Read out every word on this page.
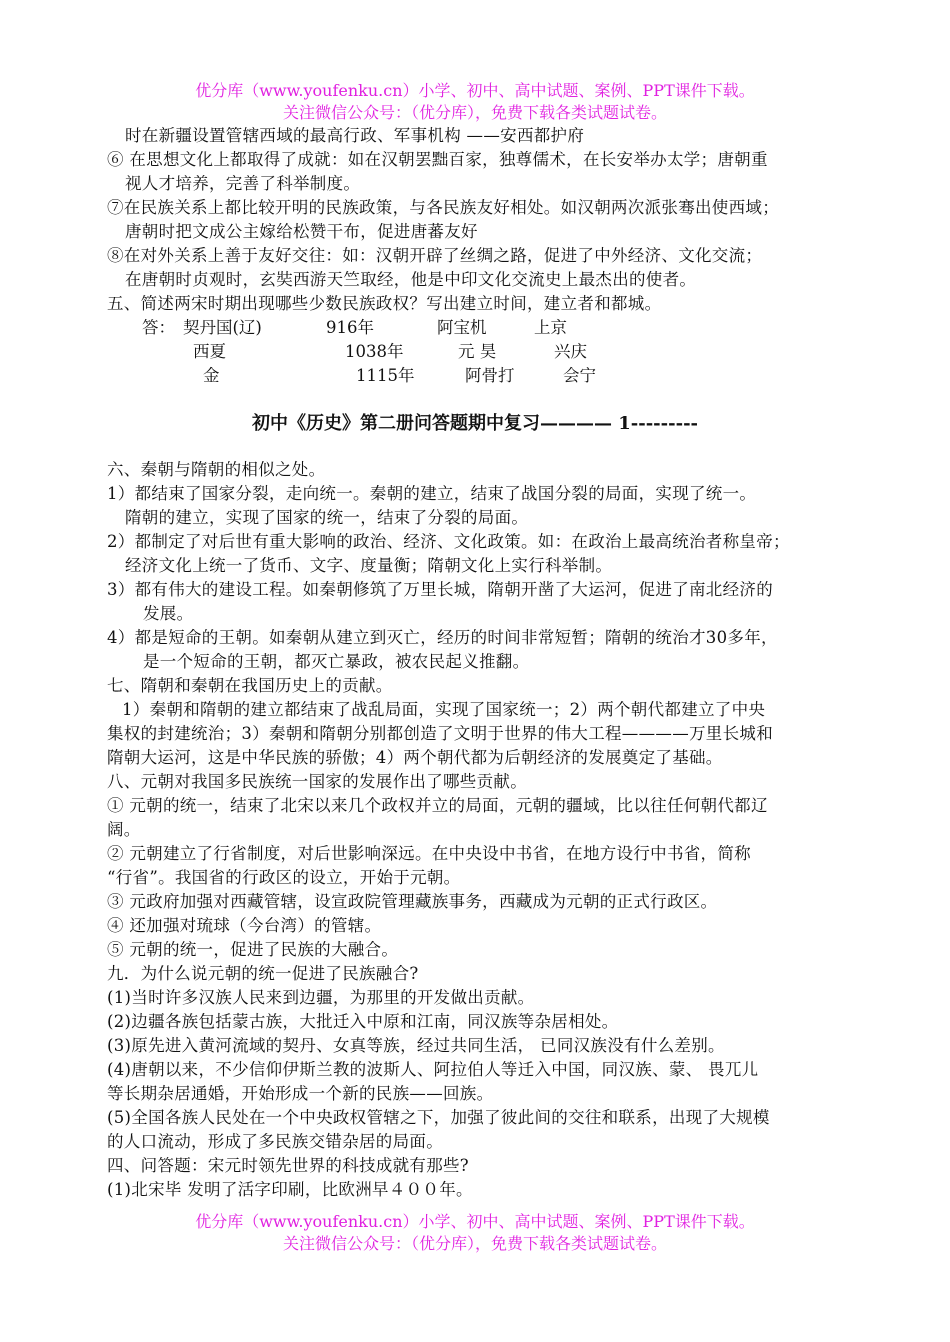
优分库（www.youfenku.cn）小学、初中、高中试题、案例、PPT课件下载。
关注微信公众号：（优分库），免费下载各类试题试卷。
时在新疆设置管辖西域的最高行政、军事机构 ——安西都护府
⑥ 在思想文化上都取得了成就：如在汉朝罢黜百家，独尊儒术，在长安举办太学；唐朝重
视人才培养，完善了科举制度。
⑦在民族关系上都比较开明的民族政策，与各民族友好相处。如汉朝两次派张骞出使西域；
唐朝时把文成公主嫁给松赞干布，促进唐蕃友好
⑧在对外关系上善于友好交往：如：汉朝开辟了丝绸之路，促进了中外经济、文化交流；
在唐朝时贞观时，玄奘西游天竺取经，他是中印文化交流史上最杰出的使者。
五、简述两宋时期出现哪些少数民族政权？写出建立时间，建立者和都城。
答： 契丹国(辽)	916年	阿宝机	上京
西夏	1038年	元 昊	兴庆
金	1115年	阿骨打	会宁
初中《历史》第二册问答题期中复习———— 1---------
六、秦朝与隋朝的相似之处。
1）都结束了国家分裂，走向统一。秦朝的建立，结束了战国分裂的局面，实现了统一。
隋朝的建立，实现了国家的统一，结束了分裂的局面。
2）都制定了对后世有重大影响的政治、经济、文化政策。如：在政治上最高统治者称皇帝；
经济文化上统一了货币、文字、度量衡；隋朝文化上实行科举制。
3）都有伟大的建设工程。如秦朝修筑了万里长城，隋朝开凿了大运河，促进了南北经济的
发展。
4）都是短命的王朝。如秦朝从建立到灭亡，经历的时间非常短暂；隋朝的统治才30多年，
是一个短命的王朝，都灭亡暴政，被农民起义推翻。
七、隋朝和秦朝在我国历史上的贡献。
1）秦朝和隋朝的建立都结束了战乱局面，实现了国家统一；2）两个朝代都建立了中央
集权的封建统治；3）秦朝和隋朝分别都创造了文明于世界的伟大工程————万里长城和
隋朝大运河，这是中华民族的骄傲；4）两个朝代都为后朝经济的发展奠定了基础。
八、元朝对我国多民族统一国家的发展作出了哪些贡献。
① 元朝的统一，结束了北宋以来几个政权并立的局面，元朝的疆域，比以往任何朝代都辽
阔。
② 元朝建立了行省制度，对后世影响深远。在中央设中书省，在地方设行中书省，简称
“行省”。我国省的行政区的设立，开始于元朝。
③ 元政府加强对西藏管辖，设宣政院管理藏族事务，西藏成为元朝的正式行政区。
④ 还加强对琉球（今台湾）的管辖。
⑤ 元朝的统一，促进了民族的大融合。
九．为什么说元朝的统一促进了民族融合?
(1)当时许多汉族人民来到边疆，为那里的开发做出贡献。
(2)边疆各族包括蒙古族，大批迁入中原和江南，同汉族等杂居相处。
(3)原先进入黄河流域的契丹、女真等族，经过共同生活， 已同汉族没有什么差别。
(4)唐朝以来，不少信仰伊斯兰教的波斯人、阿拉伯人等迁入中国，同汉族、蒙、 畏兀儿
等长期杂居通婚，开始形成一个新的民族——回族。
(5)全国各族人民处在一个中央政权管辖之下，加强了彼此间的交往和联系，出现了大规模
的人口流动，形成了多民族交错杂居的局面。
四、问答题：宋元时领先世界的科技成就有那些?
(1)北宋毕 发明了活字印刷，比欧洲早４００年。
优分库（www.youfenku.cn）小学、初中、高中试题、案例、PPT课件下载。
关注微信公众号：（优分库），免费下载各类试题试卷。
